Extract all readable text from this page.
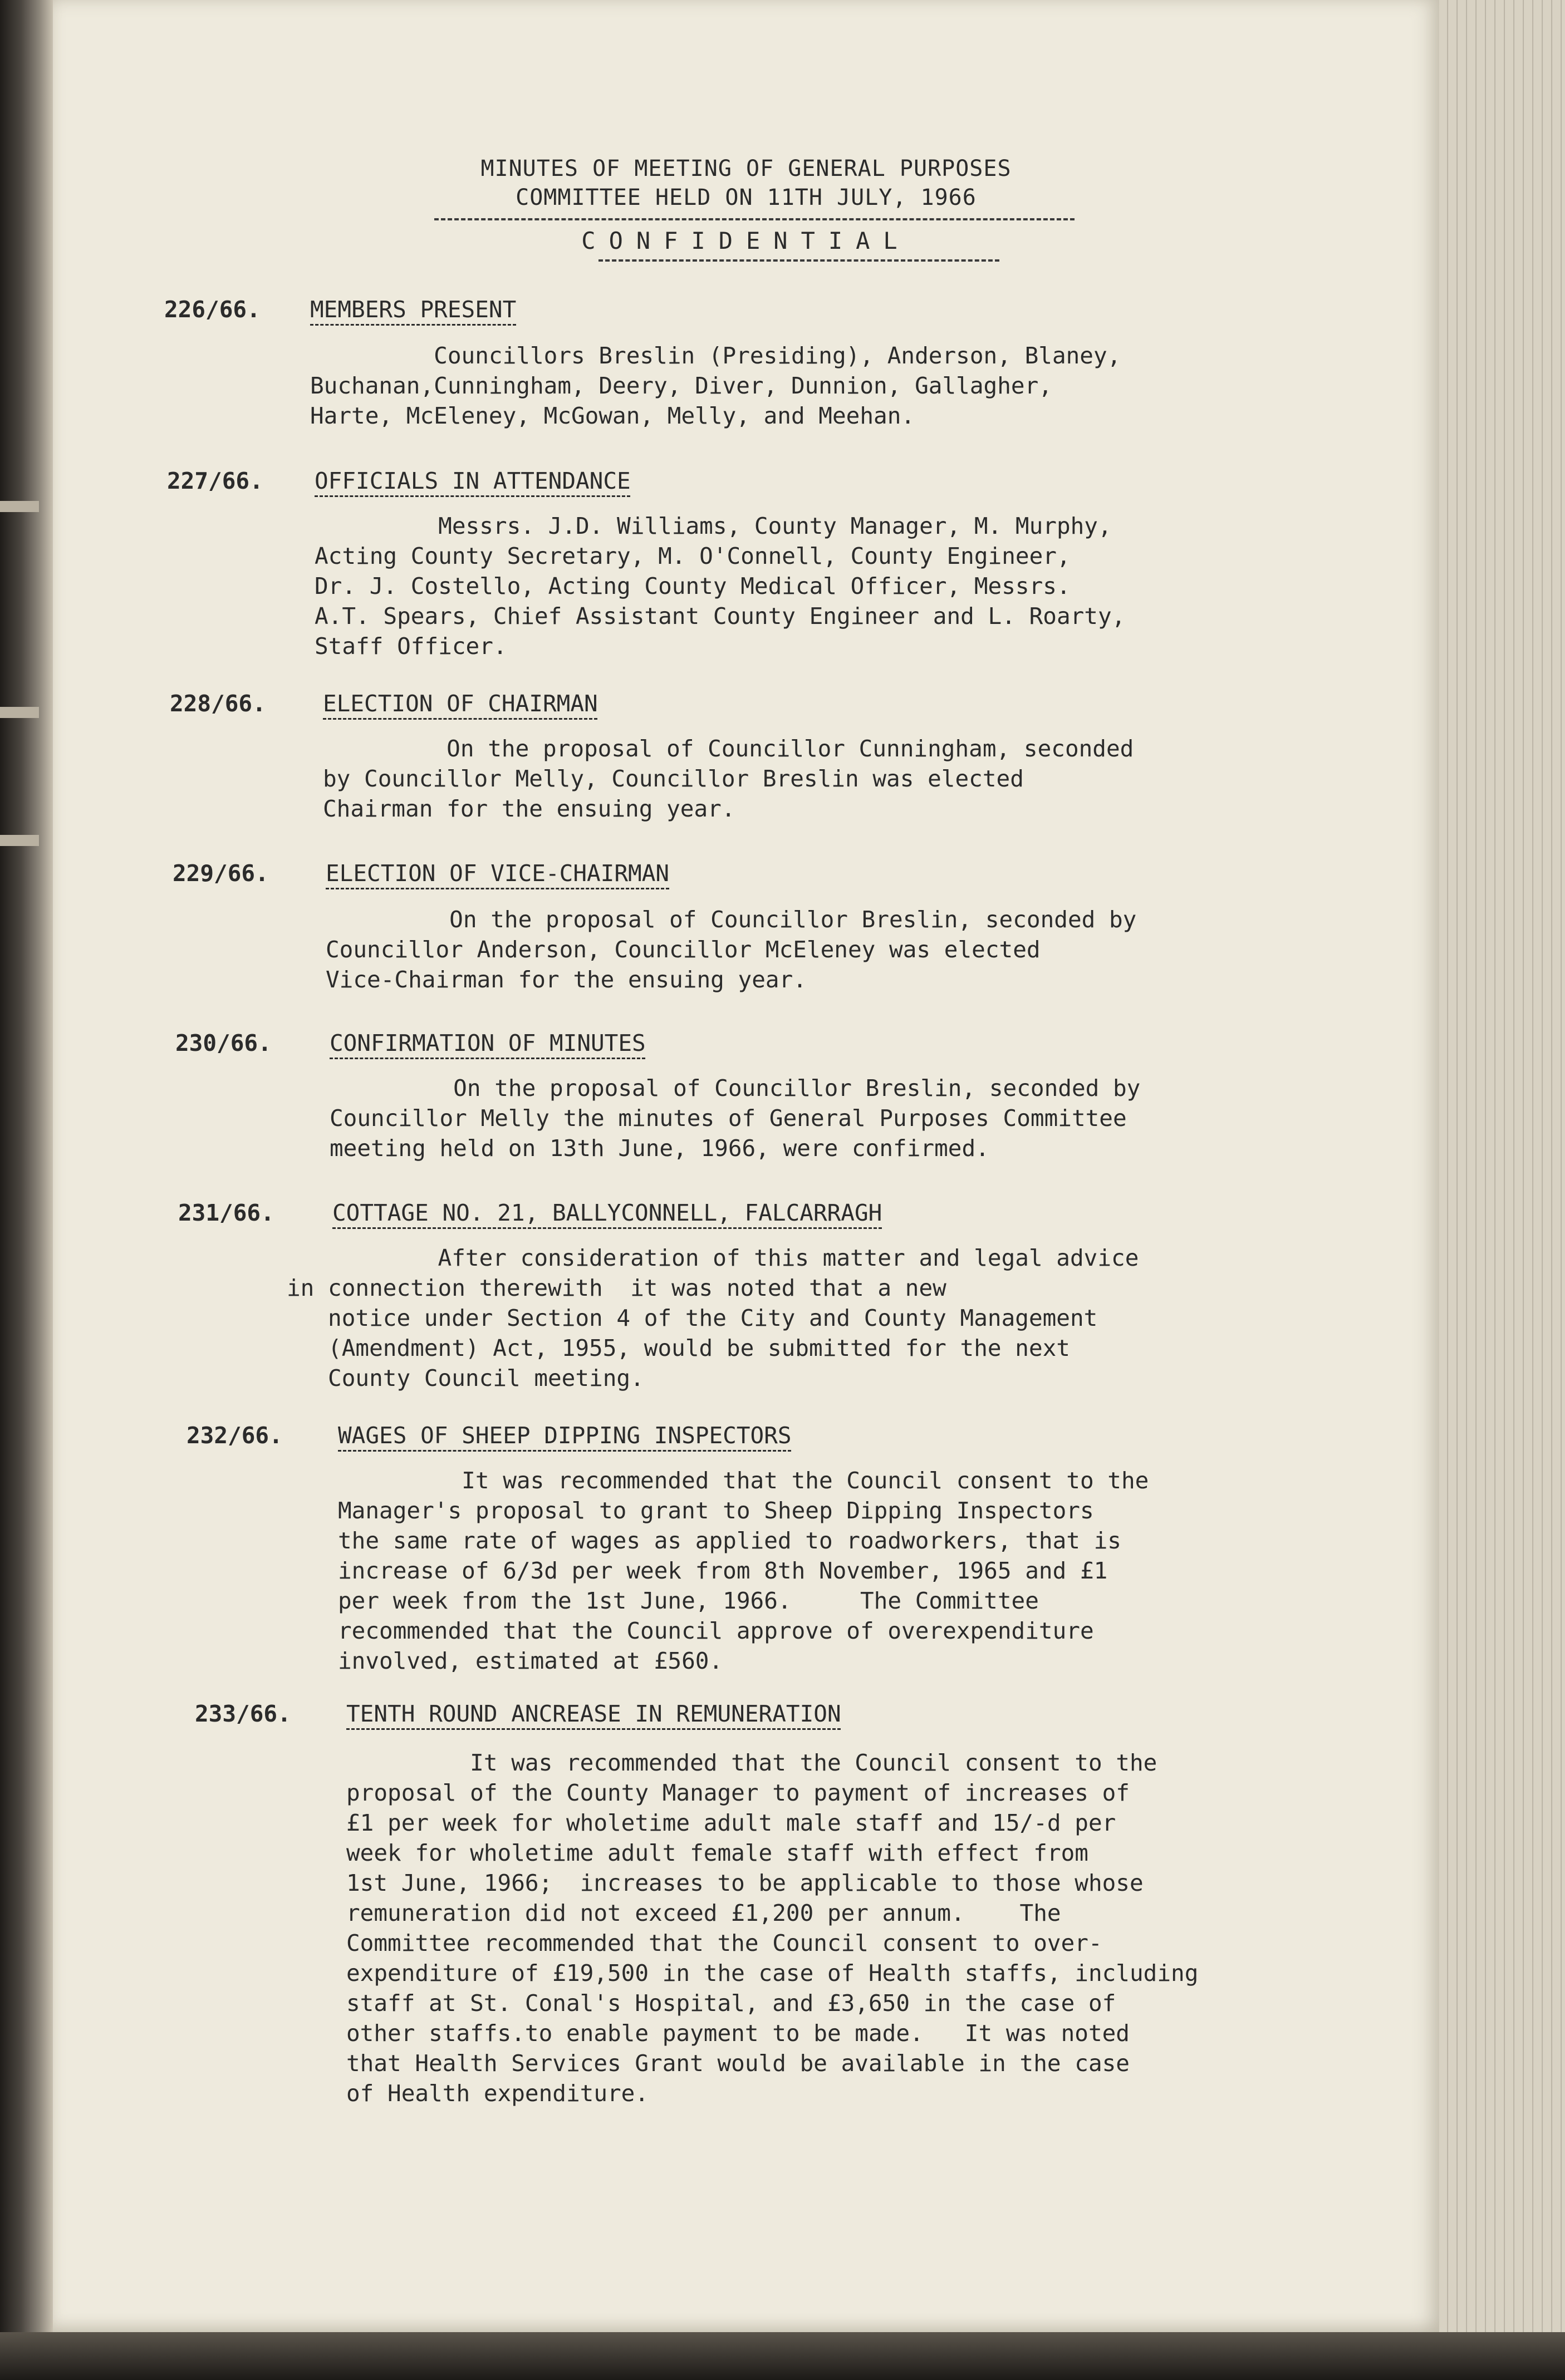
MINUTES OF MEETING OF GENERAL PURPOSES
COMMITTEE HELD ON 11TH JULY, 1966
CONFIDENTIAL
226/66. MEMBERS PRESENT
Councillors Breslin (Presiding), Anderson, Blaney,
Buchanan,Cunningham, Deery, Diver, Dunnion, Gallagher,
Harte, McEleney, McGowan, Melly, and Meehan.
227/66. OFFICIALS IN ATTENDANCE
Messrs. J.D. Williams, County Manager, M. Murphy,
Acting County Secretary, M. O'Connell, County Engineer,
Dr. J. Costello, Acting County Medical Officer, Messrs.
A.T. Spears, Chief Assistant County Engineer and L. Roarty,
Staff Officer.
228/66. ELECTION OF CHAIRMAN
On the proposal of Councillor Cunningham, seconded
by Councillor Melly, Councillor Breslin was elected
Chairman for the ensuing year.
229/66. ELECTION OF VICE-CHAIRMAN
On the proposal of Councillor Breslin, seconded by
Councillor Anderson, Councillor McEleney was elected
Vice-Chairman for the ensuing year.
230/66.	CONFIRMATION OF MINUTES
On the proposal of Councillor Breslin, seconded by
Councillor Melly the minutes of General Purposes Committee
meeting held on 13th June, 1966, were confirmed.
231/66.	COTTAGE NO. 21, BALLYCONNELL, FALCARRAGH
After consideration of this matter and legal advice
in connection therewith  it was noted that a new
notice under Section 4 of the City and County Management
(Amendment) Act, 1955, would be submitted for the next
County Council meeting.
232/66. WAGES OF SHEEP DIPPING INSPECTORS
It was recommended that the Council consent to the
Manager's proposal to grant to Sheep Dipping Inspectors
the same rate of wages as applied to roadworkers, that is
increase of 6/3d per week from 8th November, 1965 and £1
per week from the 1st June, 1966.     The Committee
recommended that the Council approve of overexpenditure
involved, estimated at £560.
233/66. TENTH ROUND ANCREASE IN REMUNERATION
It was recommended that the Council consent to the
proposal of the County Manager to payment of increases of
£1 per week for wholetime adult male staff and 15/-d per
week for wholetime adult female staff with effect from
1st June, 1966;  increases to be applicable to those whose
remuneration did not exceed £1,200 per annum.    The
Committee recommended that the Council consent to over-
expenditure of £19,500 in the case of Health staffs, including
staff at St. Conal's Hospital, and £3,650 in the case of
other staffs.to enable payment to be made.   It was noted
that Health Services Grant would be available in the case
of Health expenditure.
